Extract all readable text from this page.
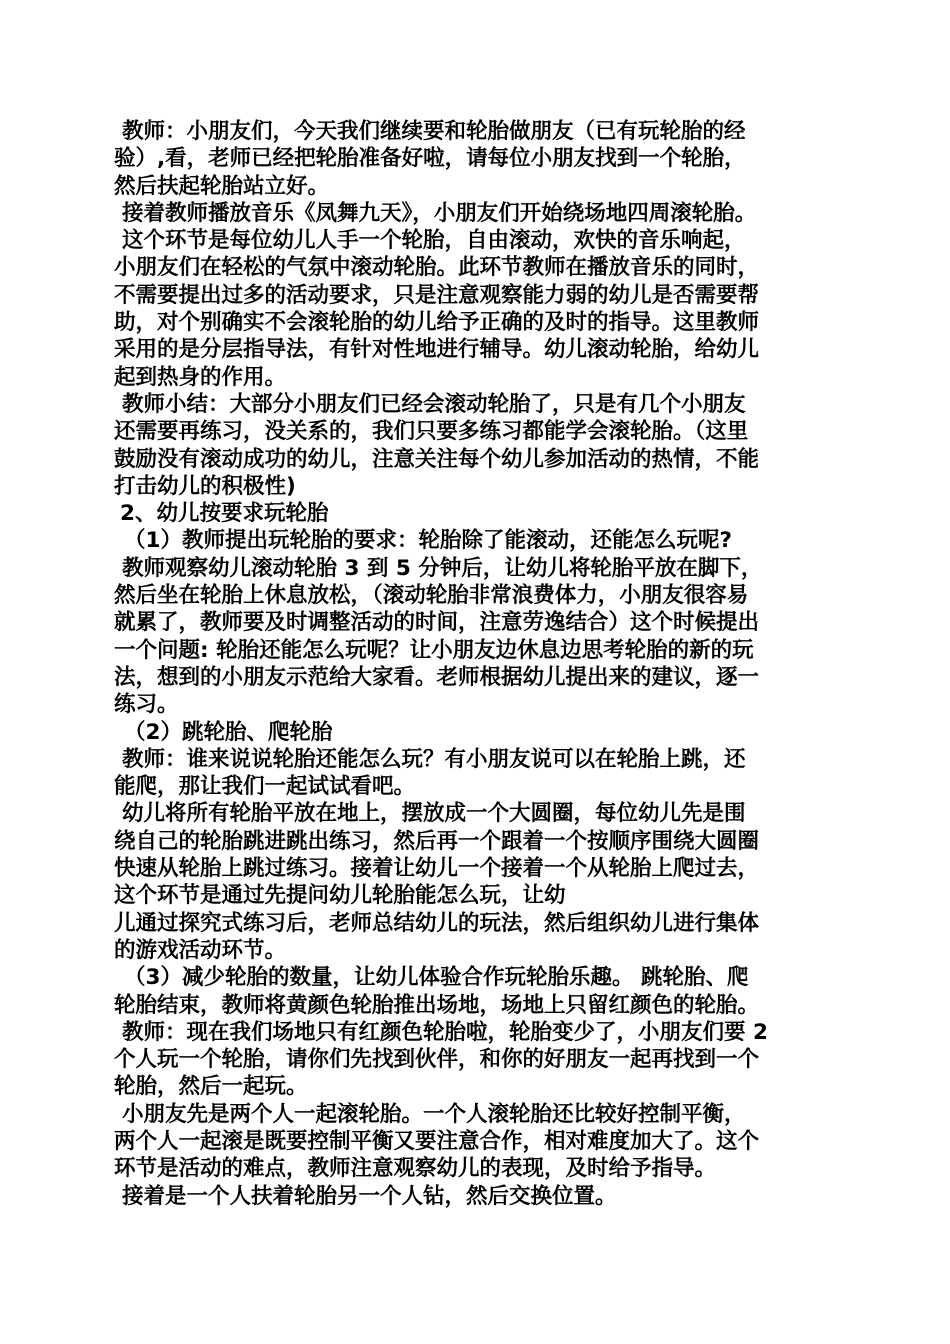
教师：小朋友们，今天我们继续要和轮胎做朋友（已有玩轮胎的经

验）,看，老师已经把轮胎准备好啦，请每位小朋友找到一个轮胎，

然后扶起轮胎站立好。

接着教师播放音乐《凤舞九天》，小朋友们开始绕场地四周滚轮胎。

这个环节是每位幼儿人手一个轮胎，自由滚动，欢快的音乐响起，

小朋友们在轻松的气氛中滚动轮胎。此环节教师在播放音乐的同时，

不需要提出过多的活动要求，只是注意观察能力弱的幼儿是否需要帮

助，对个别确实不会滚轮胎的幼儿给予正确的及时的指导。这里教师

采用的是分层指导法，有针对性地进行辅导。幼儿滚动轮胎，给幼儿

起到热身的作用。

教师小结：大部分小朋友们已经会滚动轮胎了，只是有几个小朋友

还需要再练习，没关系的，我们只要多练习都能学会滚轮胎。（这里

鼓励没有滚动成功的幼儿，注意关注每个幼儿参加活动的热情，不能

打击幼儿的积极性)

2、幼儿按要求玩轮胎

（1）教师提出玩轮胎的要求：轮胎除了能滚动，还能怎么玩呢?

教师观察幼儿滚动轮胎 3 到 5 分钟后，让幼儿将轮胎平放在脚下，

然后坐在轮胎上休息放松，（滚动轮胎非常浪费体力，小朋友很容易

就累了，教师要及时调整活动的时间，注意劳逸结合）这个时候提出

一个问题: 轮胎还能怎么玩呢？让小朋友边休息边思考轮胎的新的玩

法，想到的小朋友示范给大家看。老师根据幼儿提出来的建议，逐一

练习。

（2）跳轮胎、爬轮胎

教师：谁来说说轮胎还能怎么玩？有小朋友说可以在轮胎上跳，还

能爬，那让我们一起试试看吧。

幼儿将所有轮胎平放在地上，摆放成一个大圆圈，每位幼儿先是围

绕自己的轮胎跳进跳出练习，然后再一个跟着一个按顺序围绕大圆圈

快速从轮胎上跳过练习。接着让幼儿一个接着一个从轮胎上爬过去，

这个环节是通过先提问幼儿轮胎能怎么玩，让幼

儿通过探究式练习后，老师总结幼儿的玩法，然后组织幼儿进行集体

的游戏活动环节。

（3）减少轮胎的数量，让幼儿体验合作玩轮胎乐趣。 跳轮胎、爬

轮胎结束，教师将黄颜色轮胎推出场地，场地上只留红颜色的轮胎。

教师：现在我们场地只有红颜色轮胎啦，轮胎变少了，小朋友们要 2

个人玩一个轮胎，请你们先找到伙伴，和你的好朋友一起再找到一个

轮胎，然后一起玩。

小朋友先是两个人一起滚轮胎。一个人滚轮胎还比较好控制平衡，

两个人一起滚是既要控制平衡又要注意合作，相对难度加大了。这个

环节是活动的难点，教师注意观察幼儿的表现，及时给予指导。

接着是一个人扶着轮胎另一个人钻，然后交换位置。
